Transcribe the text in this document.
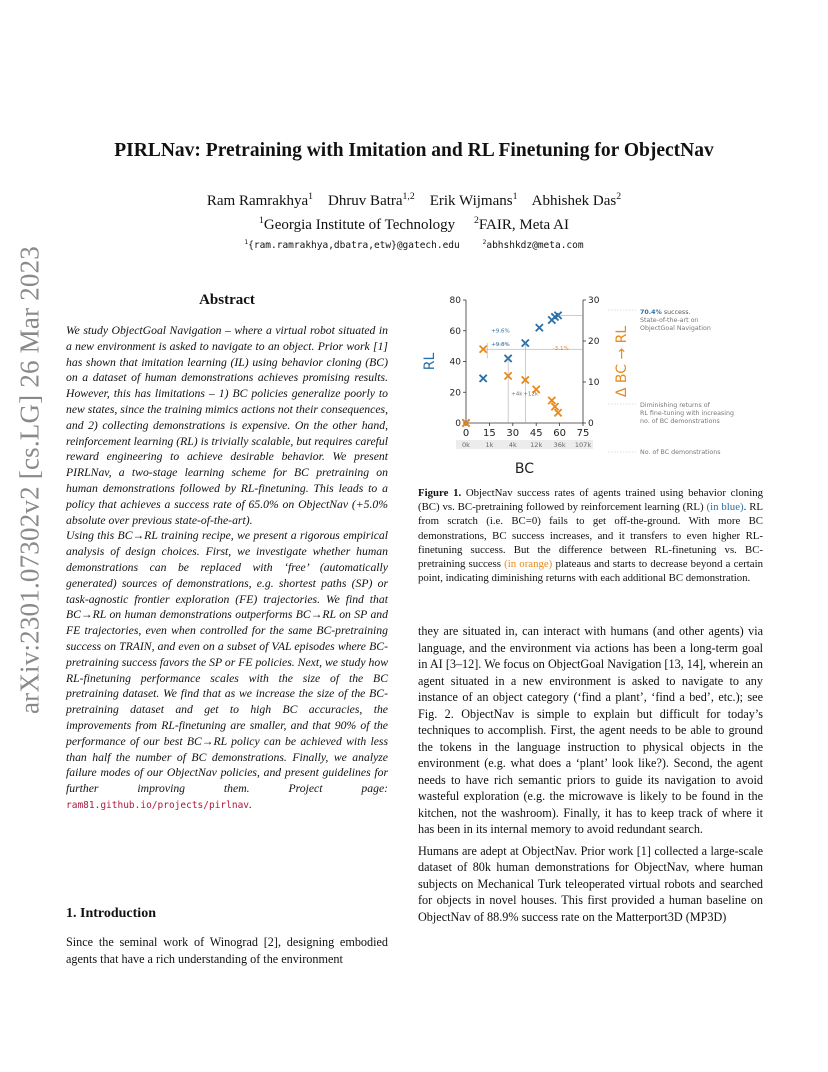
arXiv:2301.07302v2 [cs.LG] 26 Mar 2023
PIRLNav: Pretraining with Imitation and RL Finetuning for ObjectNav
Ram Ramrakhya$^1$ Dhruv Batra$^{1,2}$ Erik Wijmans$^1$ Abhishek Das$^2$
$^1$Georgia Institute of Technology $^2$FAIR, Meta AI
$^1${ram.ramrakhya,dbatra,etw}@gatech.edu	$^2$abhshkdz@meta.com
Abstract

We study ObjectGoal Navigation – where a virtual robot situated in a new environment is asked to navigate to an object. Prior work [1] has shown that imitation learning (IL) using behavior cloning (BC) on a dataset of human demonstrations achieves promising results. However, this has limitations – 1) BC policies generalize poorly to new states, since the training mimics actions not their consequences, and 2) collecting demonstrations is expensive. On the other hand, reinforcement learning (RL) is trivially scalable, but requires careful reward engineering to achieve desirable behavior. We present PIRLNav, a two-stage learning scheme for BC pretraining on human demonstrations followed by RL-finetuning. This leads to a policy that achieves a success rate of 65.0% on ObjectNav (+5.0% absolute over previous state-of-the-art).

Using this BC→RL training recipe, we present a rigorous empirical analysis of design choices. First, we investigate whether human demonstrations can be replaced with ‘free’ (automatically generated) sources of demonstrations, e.g. shortest paths (SP) or task-agnostic frontier exploration (FE) trajectories. We find that BC→RL on human demonstrations outperforms BC→RL on SP and FE trajectories, even when controlled for the same BC-pretraining success on TRAIN, and even on a subset of VAL episodes where BC-pretraining success favors the SP or FE policies. Next, we study how RL-finetuning performance scales with the size of the BC pretraining dataset. We find that as we increase the size of the BC-pretraining dataset and get to high BC accuracies, the improvements from RL-finetuning are smaller, and that 90% of the performance of our best BC→RL policy can be achieved with less than half the number of BC demonstrations. Finally, we analyze failure modes of our ObjectNav policies, and present guidelines for further improving them.	Project page: ram81.github.io/projects/pirlnav.

1. Introduction

Since the seminal work of Winograd [2], designing embodied agents that have a rich understanding of the environment

0
20
40
60
80
0
10
20
30
0 15 30 45 60 75
0k 1k 4k 12k 36k 107k
BC
RL	Δ BC → RL
+9.6%
+9.8%
-3.1%
+4k +12k
70.4% success.
State-of-the-art on
ObjectGoal Navigation
Diminishing returns of
RL fine-tuning with increasing
no. of BC demonstrations
No. of BC demonstrations

Figure 1. ObjectNav success rates of agents trained using behavior cloning (BC) vs. BC-pretraining followed by reinforcement learning (RL) (in blue). RL from scratch (i.e. BC=0) fails to get off-the-ground. With more BC demonstrations, BC success increases, and it transfers to even higher RL-finetuning success. But the difference between RL-finetuning vs. BC-pretraining success (in orange) plateaus and starts to decrease beyond a certain point, indicating diminishing returns with each additional BC demonstration.

they are situated in, can interact with humans (and other agents) via language, and the environment via actions has been a long-term goal in AI [3–12]. We focus on ObjectGoal Navigation [13, 14], wherein an agent situated in a new environment is asked to navigate to any instance of an object category (‘find a plant’, ‘find a bed’, etc.); see Fig. 2. ObjectNav is simple to explain but difficult for today’s techniques to accomplish. First, the agent needs to be able to ground the tokens in the language instruction to physical objects in the environment (e.g. what does a ‘plant’ look like?). Second, the agent needs to have rich semantic priors to guide its navigation to avoid wasteful exploration (e.g. the microwave is likely to be found in the kitchen, not the washroom). Finally, it has to keep track of where it has been in its internal memory to avoid redundant search.

Humans are adept at ObjectNav. Prior work [1] collected a large-scale dataset of 80k human demonstrations for ObjectNav, where human subjects on Mechanical Turk teleoperated virtual robots and searched for objects in novel houses. This first provided a human baseline on ObjectNav of 88.9% success rate on the Matterport3D (MP3D)
